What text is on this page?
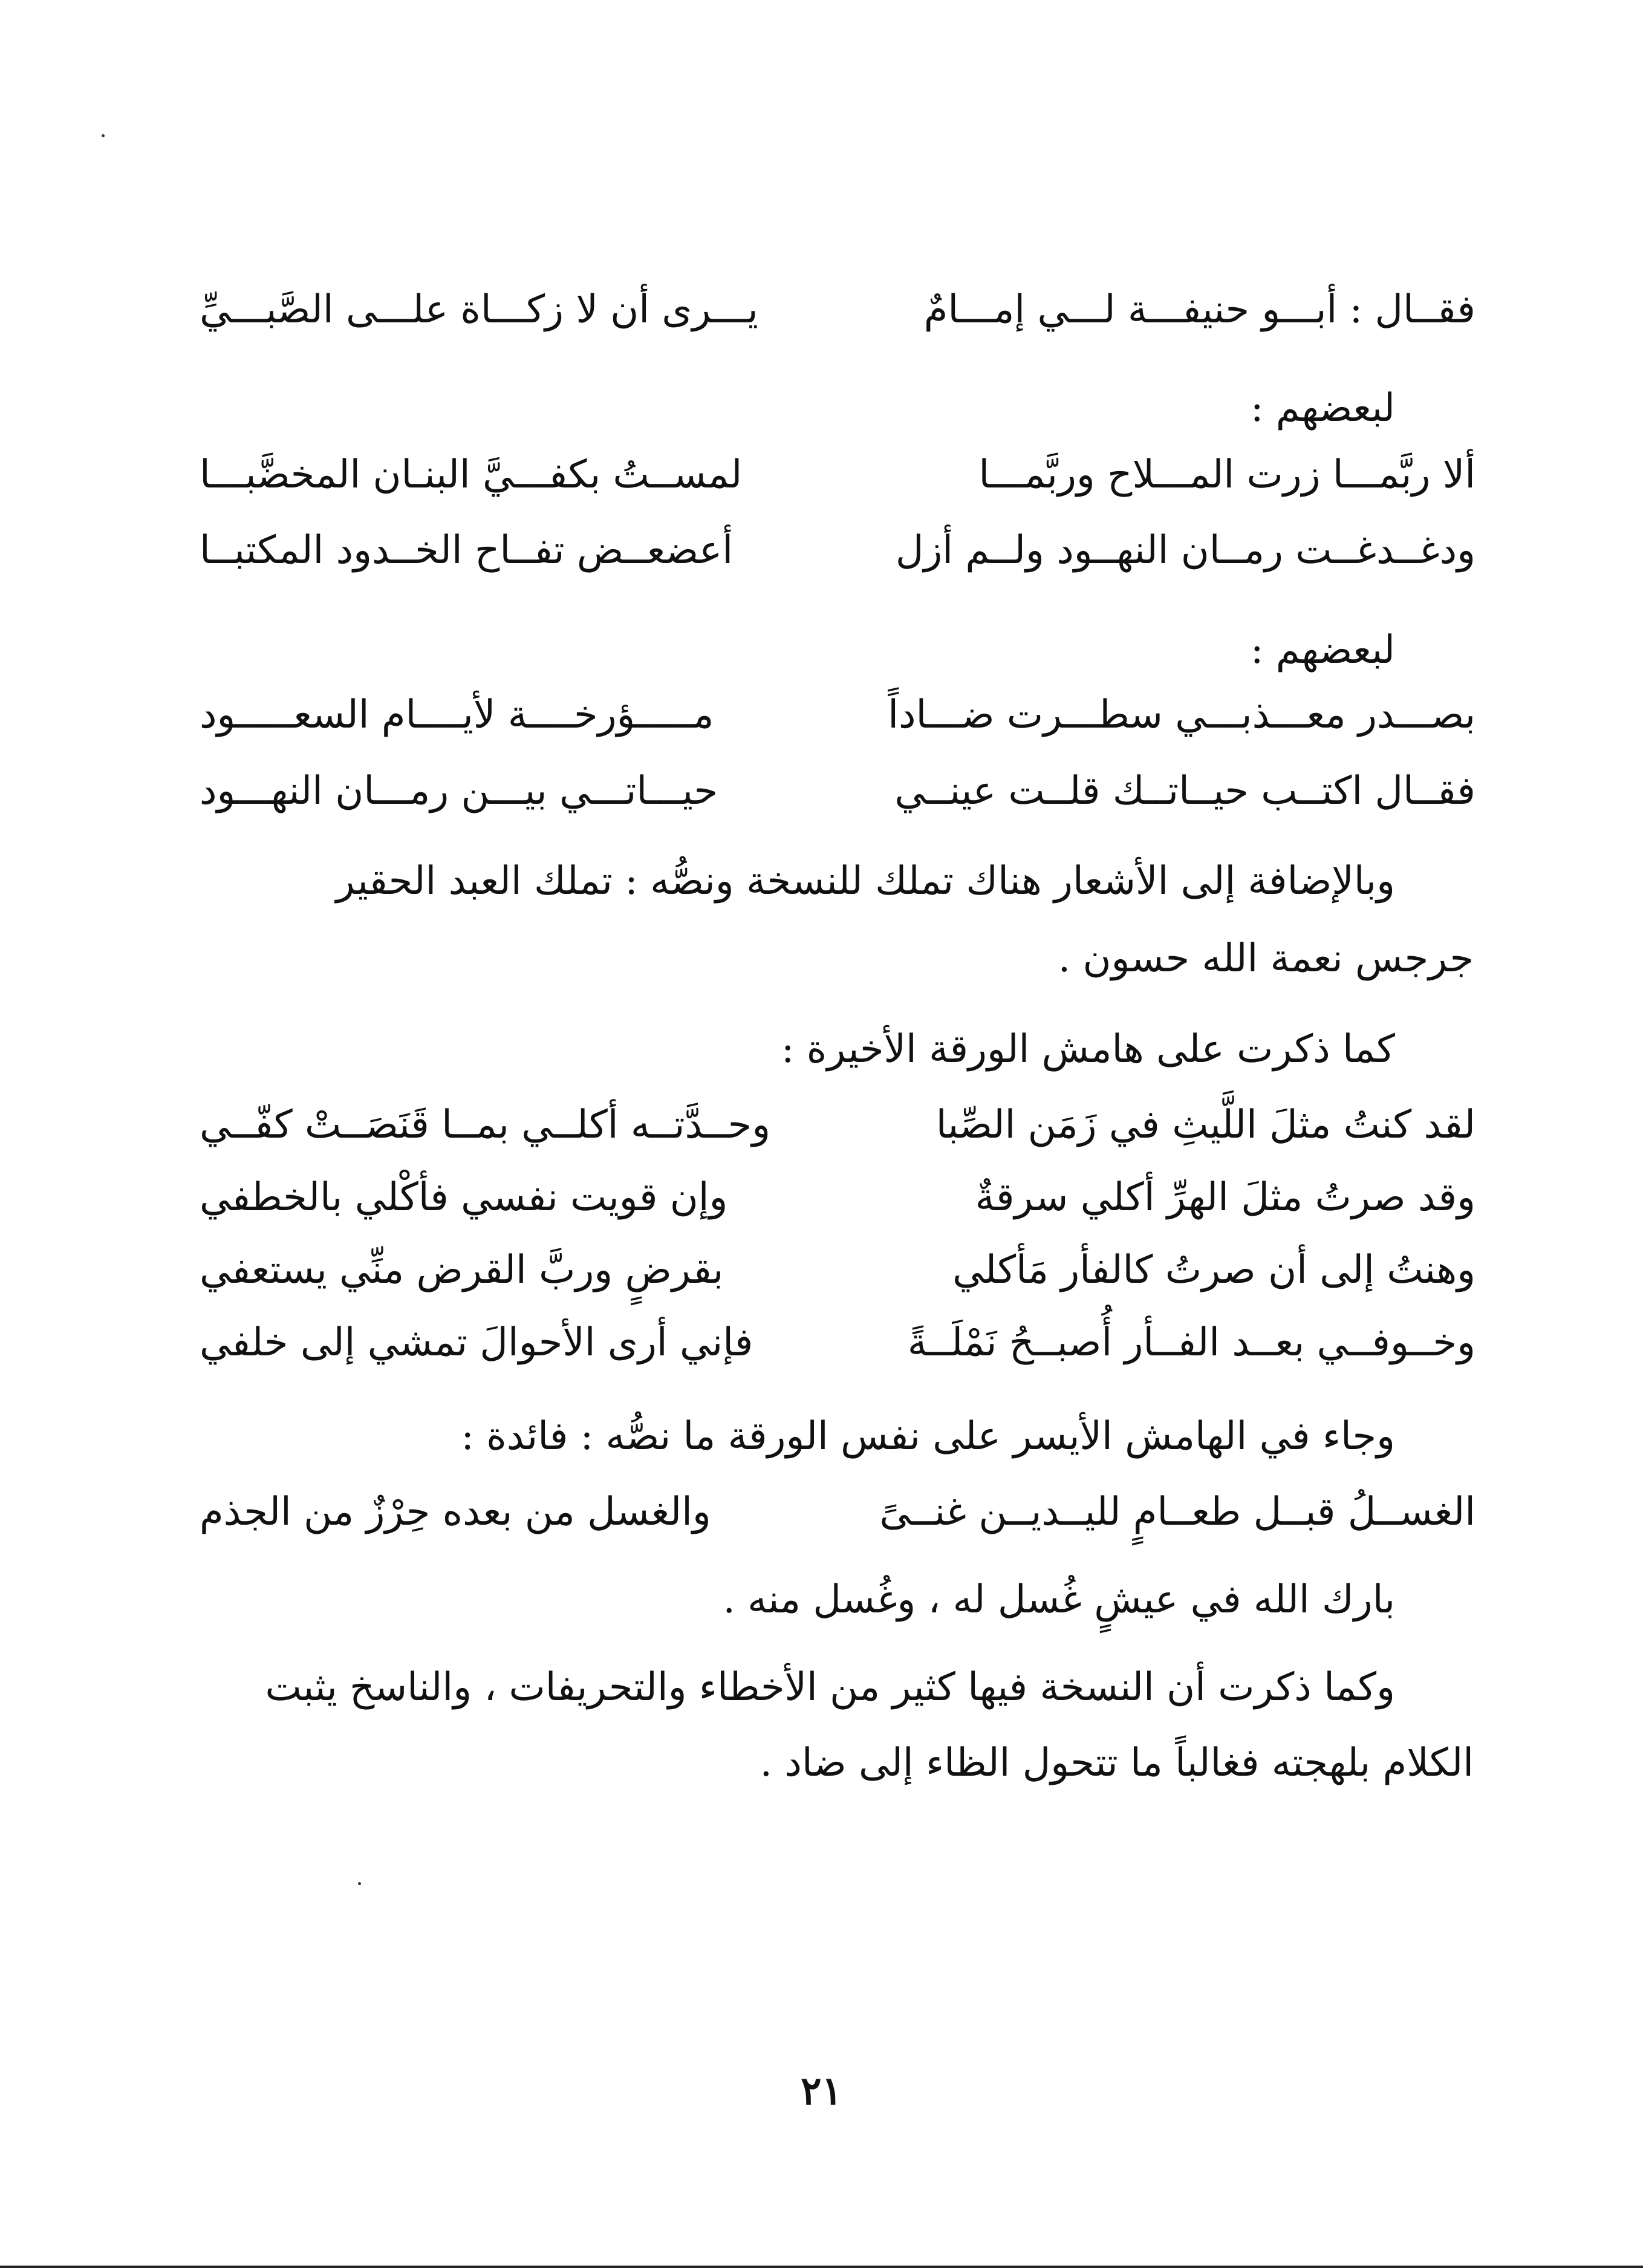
فقــال : أبـــو حنيفـــة لـــي إمـــامٌ
يـــرى أن لا زكـــاة علـــى الصَّبـــيِّ
لبعضهم :
ألا ربَّمـــا زرت المـــلاح وربَّمـــا
لمســتُ بكفـــيَّ البنـان المخضَّبـــا
ودغــدغــت رمــان النهــود ولــم أزل
أعضعــض تفــاح الخــدود المكتبــا
لبعضهم :
بصـــدر معـــذبـــي سطـــرت ضـــاداً
مـــــؤرخــــة لأيــــام السعـــــود
فقــال اكتــب حيــاتــك قلــت عينــي
حيـــاتـــي بيـــن رمـــان النهـــود
وبالإضافة إلى الأشعار هناك تملك للنسخة ونصُّه : تملك العبد الحقير
جرجس نعمة الله حسون .
كما ذكرت على هامش الورقة الأخيرة :
لقد كنتُ مثلَ اللَّيثِ في زَمَن الصِّبا
وحــدَّتــه أكلــي بمــا قَنَصَــتْ كفّــي
وقد صرتُ مثلَ الهرِّ أكلي سرقةٌ
وإن قويت نفسي فأكْلي بالخطفي
وهنتُ إلى أن صرتُ كالفأر مَأكلي
بقرضٍ وربَّ القرض منِّي يستعفي
وخــوفــي بعــد الفــأر أُصبــحُ نَمْلَــةً
فإني أرى الأحوالَ تمشي إلى خلفي
وجاء في الهامش الأيسر على نفس الورقة ما نصُّه : فائدة :
الغســلُ قبــل طعــامٍ لليــديــن غنــىً
والغسل من بعده حِرْزٌ من الجذم
بارك الله في عيشٍ غُسل له ، وغُسل منه .
وكما ذكرت أن النسخة فيها كثير من الأخطاء والتحريفات ، والناسخ يثبت
الكلام بلهجته فغالباً ما تتحول الظاء إلى ضاد .
٢١
